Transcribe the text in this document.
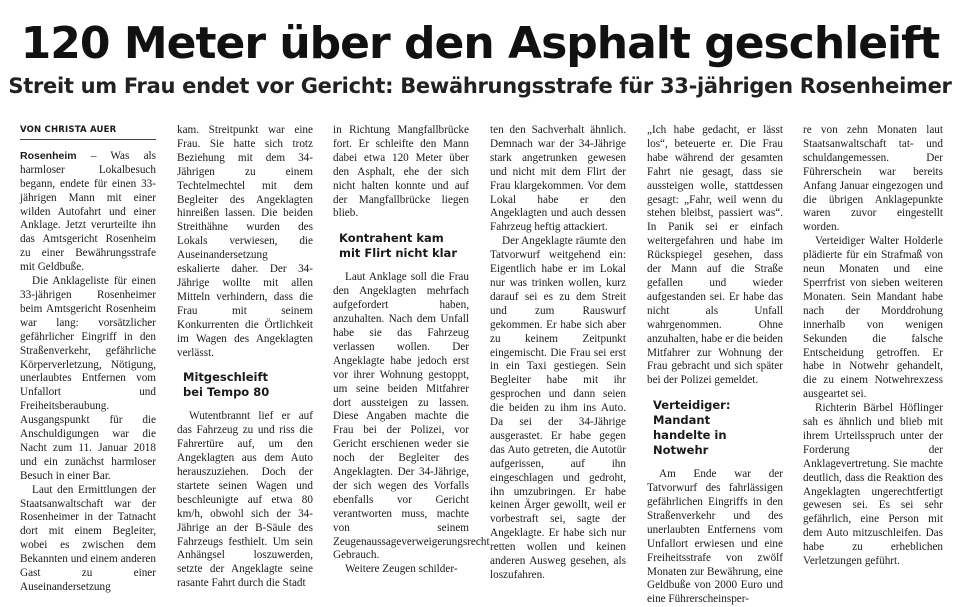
120 Meter über den Asphalt geschleift
Streit um Frau endet vor Gericht: Bewährungsstrafe für 33-jährigen Rosenheimer
VON CHRISTA AUER

Rosenheim – Was als harmloser Lokalbesuch begann, endete für einen 33-jährigen Mann mit einer wilden Autofahrt und einer Anklage. Jetzt verurteilte ihn das Amtsgericht Rosenheim zu einer Bewährungsstrafe mit Geldbuße.

Die Anklageliste für einen 33-jährigen Rosenheimer beim Amtsgericht Rosenheim war lang: vorsätzlicher gefährlicher Eingriff in den Straßenverkehr, gefährliche Körperverletzung, Nötigung, unerlaubtes Entfernen vom Unfallort und Freiheitsberaubung. Ausgangspunkt für die Anschuldigungen war die Nacht zum 11. Januar 2018 und ein zunächst harmloser Besuch in einer Bar.

Laut den Ermittlungen der Staatsanwaltschaft war der Rosenheimer in der Tatnacht dort mit einem Begleiter, wobei es zwischen dem Bekannten und einem anderen Gast zu einer Auseinandersetzung

kam. Streitpunkt war eine Frau. Sie hatte sich trotz Beziehung mit dem 34-Jährigen zu einem Techtelmechtel mit dem Begleiter des Angeklagten hinreißen lassen. Die beiden Streithähne wurden des Lokals verwiesen, die Auseinandersetzung eskalierte daher. Der 34-Jährige wollte mit allen Mitteln verhindern, dass die Frau mit seinem Konkurrenten die Örtlichkeit im Wagen des Angeklagten verlässt.

Mitgeschleift
bei Tempo 80

Wutentbrannt lief er auf das Fahrzeug zu und riss die Fahrertüre auf, um den Angeklagten aus dem Auto herauszuziehen. Doch der startete seinen Wagen und beschleunigte auf etwa 80 km/h, obwohl sich der 34-Jährige an der B-Säule des Fahrzeugs festhielt. Um sein Anhängsel loszuwerden, setzte der Angeklagte seine rasante Fahrt durch die Stadt

in Richtung Mangfallbrücke fort. Er schleifte den Mann dabei etwa 120 Meter über den Asphalt, ehe der sich nicht halten konnte und auf der Mangfallbrücke liegen blieb.

Kontrahent kam
mit Flirt nicht klar

Laut Anklage soll die Frau den Angeklagten mehrfach aufgefordert haben, anzuhalten. Nach dem Unfall habe sie das Fahrzeug verlassen wollen. Der Angeklagte habe jedoch erst vor ihrer Wohnung gestoppt, um seine beiden Mitfahrer dort aussteigen zu lassen. Diese Angaben machte die Frau bei der Polizei, vor Gericht erschienen weder sie noch der Begleiter des Angeklagten. Der 34-Jährige, der sich wegen des Vorfalls ebenfalls vor Gericht verantworten muss, machte von seinem Zeugenaussageverweigerungsrecht Gebrauch.

Weitere Zeugen schilder-

ten den Sachverhalt ähnlich. Demnach war der 34-Jährige stark angetrunken gewesen und nicht mit dem Flirt der Frau klargekommen. Vor dem Lokal habe er den Angeklagten und auch dessen Fahrzeug heftig attackiert.

Der Angeklagte räumte den Tatvorwurf weitgehend ein: Eigentlich habe er im Lokal nur was trinken wollen, kurz darauf sei es zu dem Streit und zum Rauswurf gekommen. Er habe sich aber zu keinem Zeitpunkt eingemischt. Die Frau sei erst in ein Taxi gestiegen. Sein Begleiter habe mit ihr gesprochen und dann seien die beiden zu ihm ins Auto. Da sei der 34-Jährige ausgerastet. Er habe gegen das Auto getreten, die Autotür aufgerissen, auf ihn eingeschlagen und gedroht, ihn umzubringen. Er habe keinen Ärger gewollt, weil er vorbestraft sei, sagte der Angeklagte. Er habe sich nur retten wollen und keinen anderen Ausweg gesehen, als loszufahren.

„Ich habe gedacht, er lässt los“, beteuerte er. Die Frau habe während der gesamten Fahrt nie gesagt, dass sie aussteigen wolle, stattdessen gesagt: „Fahr, weil wenn du stehen bleibst, passiert was“. In Panik sei er einfach weitergefahren und habe im Rückspiegel gesehen, dass der Mann auf die Straße gefallen und wieder aufgestanden sei. Er habe das nicht als Unfall wahrgenommen. Ohne anzuhalten, habe er die beiden Mitfahrer zur Wohnung der Frau gebracht und sich später bei der Polizei gemeldet.

Verteidiger: Mandant
handelte in Notwehr

Am Ende war der Tatvorwurf des fahrlässigen gefährlichen Eingriffs in den Straßenverkehr und des unerlaubten Entfernens vom Unfallort erwiesen und eine Freiheitsstrafe von zwölf Monaten zur Bewährung, eine Geldbuße von 2000 Euro und eine Führerscheinsper-

re von zehn Monaten laut Staatsanwaltschaft tat- und schuldangemessen. Der Führerschein war bereits Anfang Januar eingezogen und die übrigen Anklagepunkte waren zuvor eingestellt worden.

Verteidiger Walter Holderle plädierte für ein Strafmaß von neun Monaten und eine Sperrfrist von sieben weiteren Monaten. Sein Mandant habe nach der Morddrohung innerhalb von wenigen Sekunden die falsche Entscheidung getroffen. Er habe in Notwehr gehandelt, die zu einem Notwehrexzess ausgeartet sei.

Richterin Bärbel Höflinger sah es ähnlich und blieb mit ihrem Urteilsspruch unter der Forderung der Anklagevertretung. Sie machte deutlich, dass die Reaktion des Angeklagten ungerechtfertigt gewesen sei. Es sei sehr gefährlich, eine Person mit dem Auto mitzuschleifen. Das habe zu erheblichen Verletzungen geführt.
